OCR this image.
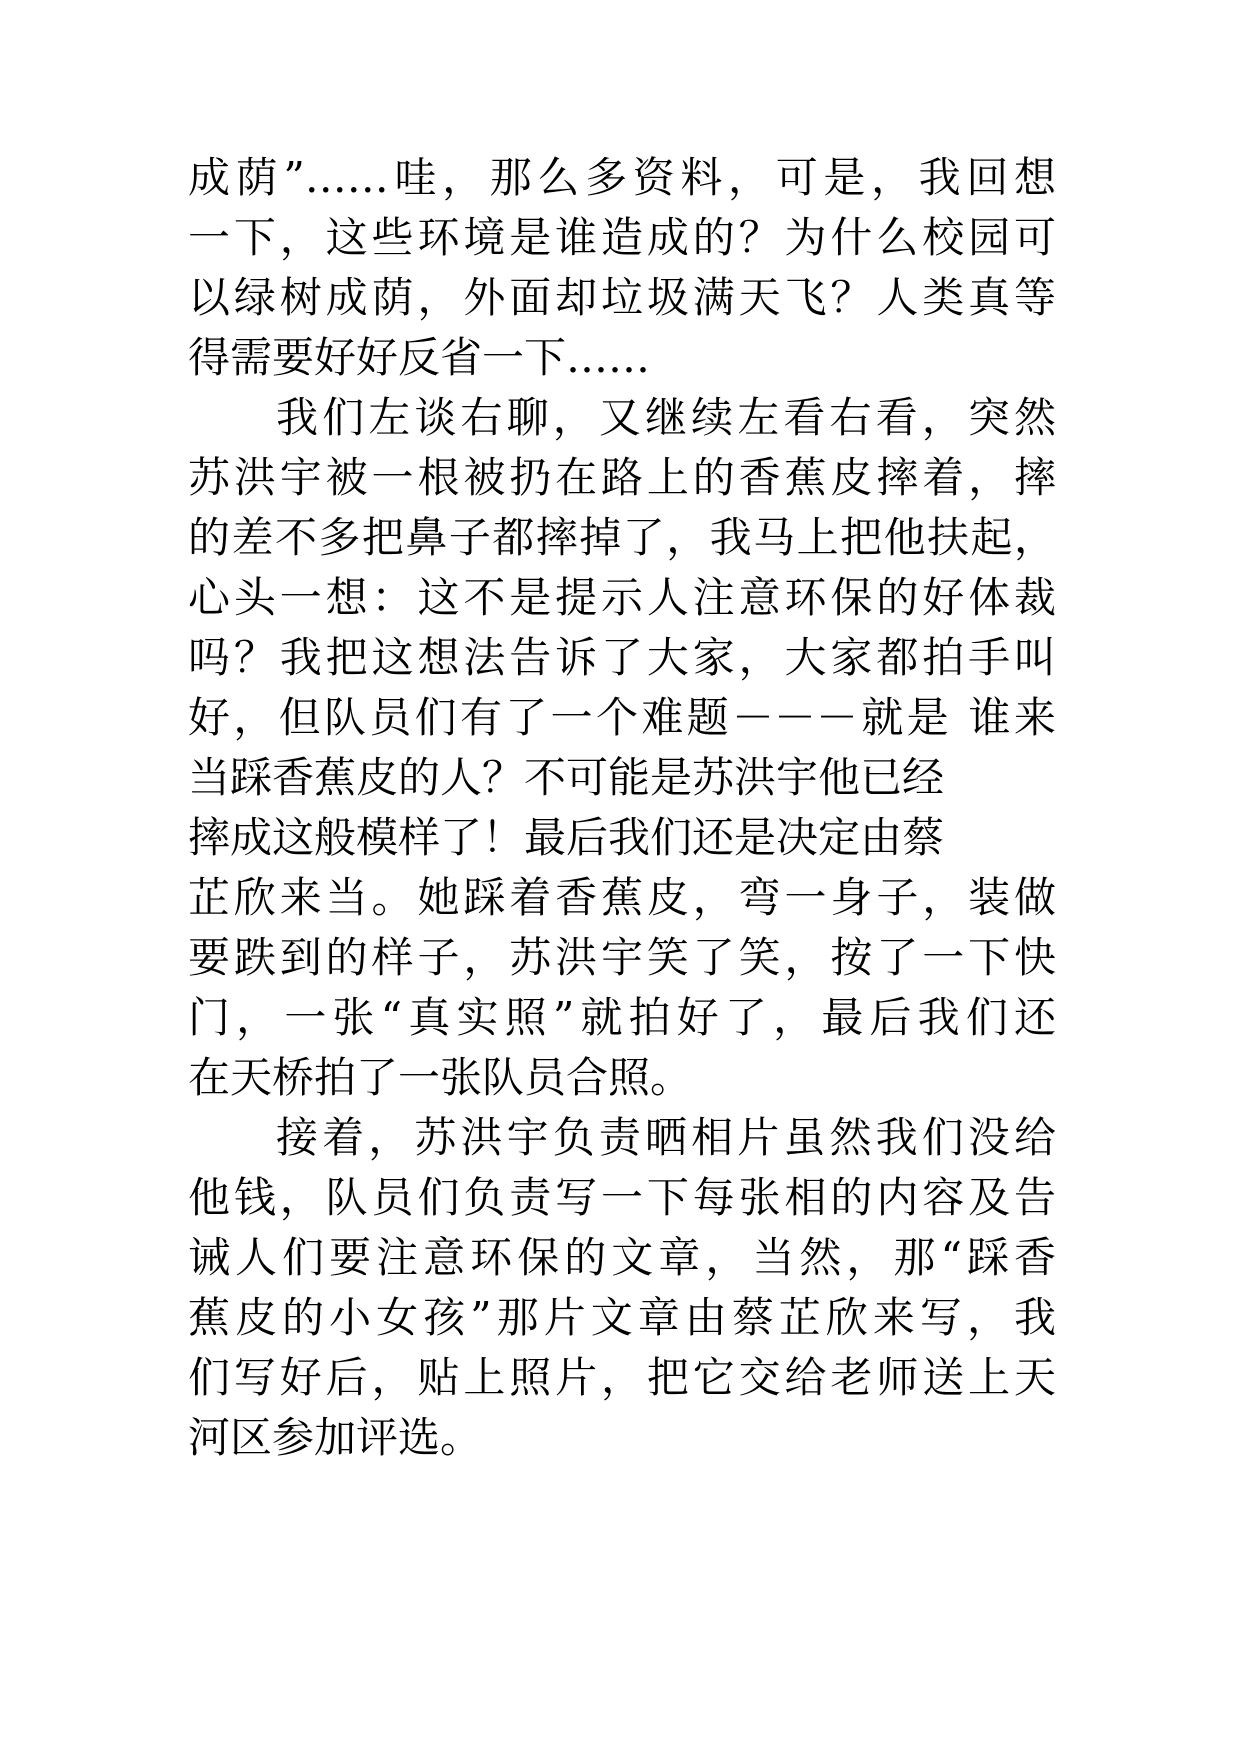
成荫”……哇，那么多资料，可是，我回想
一下，这些环境是谁造成的？为什么校园可
以绿树成荫，外面却垃圾满天飞？人类真等
得需要好好反省一下……
我们左谈右聊，又继续左看右看，突然
苏洪宇被一根被扔在路上的香蕉皮摔着，摔
的差不多把鼻子都摔掉了，我马上把他扶起，
心头一想：这不是提示人注意环保的好体裁
吗？我把这想法告诉了大家，大家都拍手叫
好，但队员们有了一个难题－－－就是 谁来
当踩香蕉皮的人？不可能是苏洪宇他已经
摔成这般模样了！最后我们还是决定由蔡
芷欣来当。她踩着香蕉皮，弯一身子，装做
要跌到的样子，苏洪宇笑了笑，按了一下快
门，一张“真实照”就拍好了，最后我们还
在天桥拍了一张队员合照。
接着，苏洪宇负责晒相片虽然我们没给
他钱，队员们负责写一下每张相的内容及告
诫人们要注意环保的文章，当然，那“踩香
蕉皮的小女孩”那片文章由蔡芷欣来写，我
们写好后，贴上照片，把它交给老师送上天
河区参加评选。
